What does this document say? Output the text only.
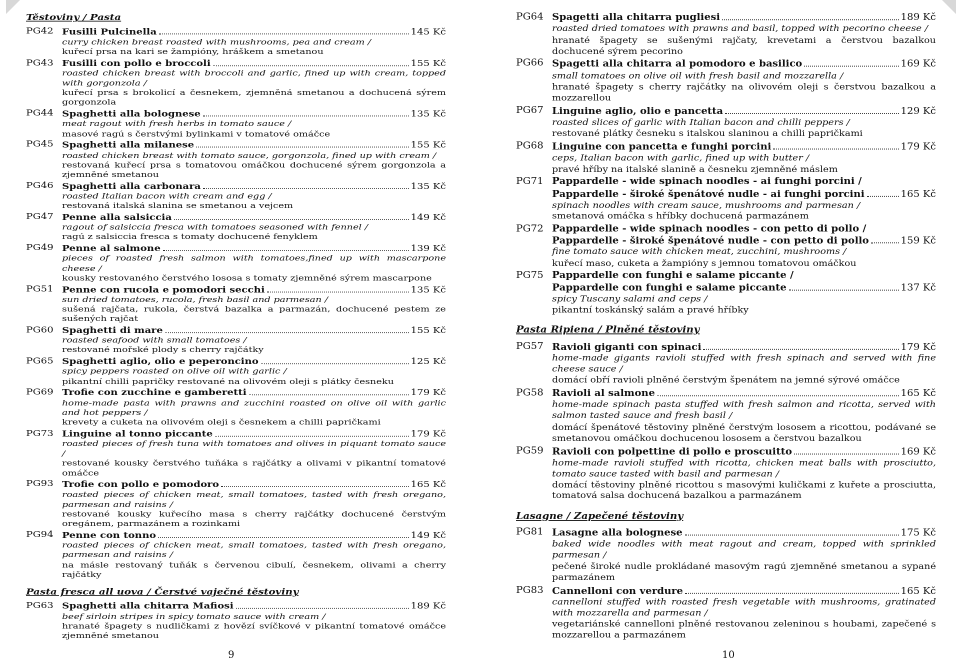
Těstoviny / Pasta
PG42 Fusilli Pulcinella	145 Kč
curry chicken breast roasted with mushrooms, pea and cream /
kuřecí prsa na kari se žampióny, hráškem a smetanou
PG43 Fusilli con pollo e broccoli	155 Kč
roasted chicken breast with broccoli and garlic, fined up with cream, topped with gorgonzola /
kuřecí prsa s brokolicí a česnekem, zjemněná smetanou a dochucená sýrem gorgonzola
PG44 Spaghetti alla bolognese	135 Kč
meat ragout with fresh herbs in tomato sauce /
masové ragú s čerstvými bylinkami v tomatové omáčce
PG45 Spaghetti alla milanese	155 Kč
roasted chicken breast with tomato sauce, gorgonzola, fined up with cream /
restovaná kuřecí prsa s tomatovou omáčkou dochucené sýrem gorgonzola a zjemněné smetanou
PG46 Spaghetti alla carbonara	135 Kč
roasted Italian bacon with cream and egg /
restovaná italská slanina se smetanou a vejcem
PG47 Penne alla salsiccia	149 Kč
ragout of salsiccia fresca with tomatoes seasoned with fennel /
ragú z salsiccia fresca s tomaty dochucené fenyklem
PG49 Penne al salmone	139 Kč
pieces of roasted fresh salmon with tomatoes,fined up with mascarpone cheese /
kousky restovaného čerstvého lososa s tomaty zjemněné sýrem mascarpone
PG51 Penne con rucola e pomodori secchi	135 Kč
sun dried tomatoes, rucola, fresh basil and parmesan /
sušená rajčata, rukola, čerstvá bazalka a parmazán, dochucené pestem ze sušených rajčat
PG60 Spaghetti di mare	155 Kč
roasted seafood with small tomatoes /
restované mořské plody s cherry rajčátky
PG65 Spaghetti aglio, olio e peperoncino	125 Kč
spicy peppers roasted on olive oil with garlic /
pikantní chilli papričky restované na olivovém oleji s plátky česneku
PG69 Trofie con zucchine e gamberetti	179 Kč
home-made pasta with prawns and zucchini roasted on olive oil with garlic and hot peppers /
krevety a cuketa na olivovém oleji s česnekem a chilli papričkami
PG73 Linguine al tonno piccante	179 Kč
roasted pieces of fresh tuna with tomatoes and olives in piquant tomato sauce /
restované kousky čerstvého tuňáka s rajčátky a olivami v pikantní tomatové omáčce
PG93 Trofie con pollo e pomodoro	165 Kč
roasted pieces of chicken meat, small tomatoes, tasted with fresh oregano, parmesan and raisins /
restované kousky kuřecího masa s cherry rajčátky dochucené čerstvým oregánem, parmazánem a rozinkami
PG94 Penne con tonno	149 Kč
roasted pieces of chicken meat, small tomatoes, tasted with fresh oregano, parmesan and raisins /
na másle restovaný tuňák s červenou cibulí, česnekem, olivami a cherry rajčátky
Pasta fresca all uova / Čerstvé vaječné těstoviny
PG63 Spaghetti alla chitarra Mafiosi	189 Kč
beef sirloin stripes in spicy tomato sauce with cream /
hranaté špagety s nudličkami z hovězí svíčkové v pikantní tomatové omáčce zjemněné smetanou
9
PG64 Spagetti alla chitarra pugliesi	189 Kč
roasted dried tomatoes with prawns and basil, topped with pecorino cheese /
hranaté špagety se sušenými rajčaty, krevetami a čerstvou bazalkou dochucené sýrem pecorino
PG66 Spagetti alla chitarra al pomodoro e basilico	169 Kč
small tomatoes on olive oil with fresh basil and mozzarella /
hranaté špagety s cherry rajčátky na olivovém oleji s čerstvou bazalkou a mozzarellou
PG67 Linguine aglio, olio e pancetta	129 Kč
roasted slices of garlic with Italian bacon and chilli peppers /
restované plátky česneku s italskou slaninou a chilli papričkami
PG68 Linguine con pancetta e funghi porcini	179 Kč
ceps, Italian bacon with garlic, fined up with butter /
pravé hříby na italské slanině a česneku zjemněné máslem
PG71 Pappardelle - wide spinach noodles - ai funghi porcini /
Pappardelle - široké špenátové nudle - ai funghi porcini	165 Kč
spinach noodles with cream sauce, mushrooms and parmesan /
smetanová omáčka s hříbky dochucená parmazánem
PG72 Pappardelle - wide spinach noodles - con petto di pollo /
Pappardelle - široké špenátové nudle - con petto di pollo	159 Kč
fine tomato sauce with chicken meat, zucchini, mushrooms /
kuřecí maso, cuketa a žampióny s jemnou tomatovou omáčkou
PG75 Pappardelle con funghi e salame piccante /
Pappardelle con funghi e salame piccante	137 Kč
spicy Tuscany salami and ceps /
pikantní toskánský salám a pravé hříbky
Pasta Ripiena / Plněné těstoviny
PG57 Ravioli giganti con spinaci	179 Kč
home-made gigants ravioli stuffed with fresh spinach and served with fine cheese sauce /
domácí obří ravioli plněné čerstvým špenátem na jemné sýrové omáčce
PG58 Ravioli al salmone	165 Kč
home-made spinach pasta stuffed with fresh salmon and ricotta, served with salmon tasted sauce and fresh basil /
domácí špenátové těstoviny plněné čerstvým lososem a ricottou, podávané se smetanovou omáčkou dochucenou lososem a čerstvou bazalkou
PG59 Ravioli con polpettine di pollo e proscuitto	169 Kč
home-made ravioli stuffed with ricotta, chicken meat balls with prosciutto, tomato sauce tasted with basil and parmesan /
domácí těstoviny plněné ricottou s masovými kuličkami z kuřete a prosciutta, tomatová salsa dochucená bazalkou a parmazánem
Lasagne / Zapečené těstoviny
PG81 Lasagne alla bolognese	175 Kč
baked wide noodles with meat ragout and cream, topped with sprinkled parmesan /
pečené široké nudle prokládané masovým ragú zjemněné smetanou a sypané parmazánem
PG83 Cannelloni con verdure	165 Kč
cannelloni stuffed with roasted fresh vegetable with mushrooms, gratinated with mozzarella and parmesan /
vegetariánské cannelloni plněné restovanou zeleninou s houbami, zapečené s mozzarellou a parmazánem
10
